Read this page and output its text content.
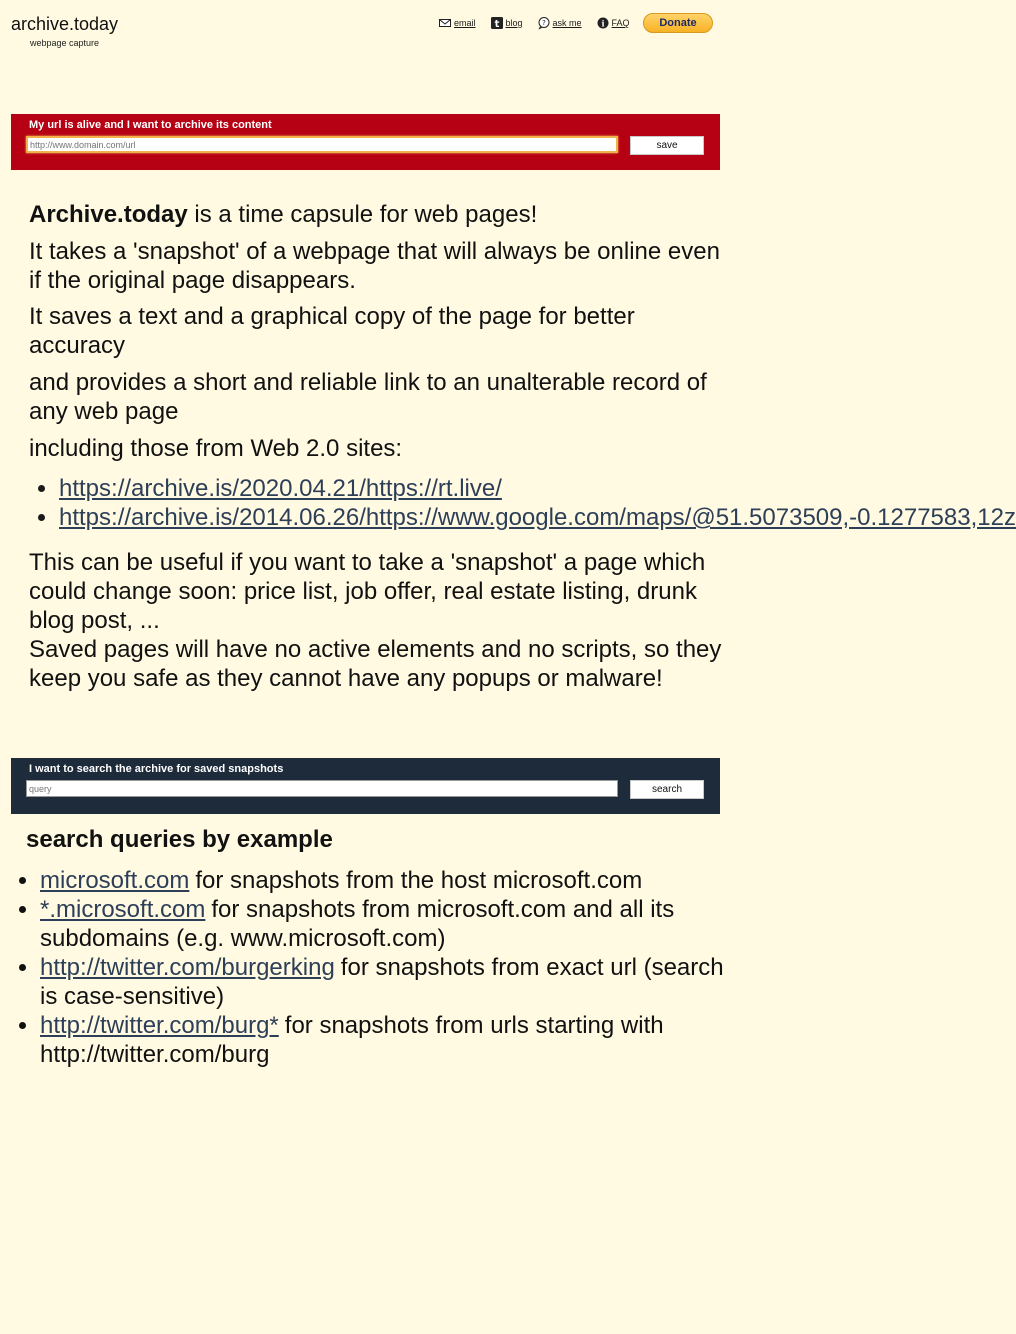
archive.today
webpage capture
email t blog	? ask me i FAQ	Donate
My url is alive and I want to archive its content
http://www.domain.com/url
save

Archive.today is a time capsule for web pages!

It takes a 'snapshot' of a webpage that will always be online even if the original page disappears.

It saves a text and a graphical copy of the page for better accuracy

and provides a short and reliable link to an unalterable record of any web page

including those from Web 2.0 sites:

• https://archive.is/2020.04.21/https://rt.live/
• https://archive.is/2014.06.26/https://www.google.com/maps/@51.5073509,-0.1277583,12z

This can be useful if you want to take a 'snapshot' a page which could change soon: price list, job offer, real estate listing, drunk blog post, ...

Saved pages will have no active elements and no scripts, so they keep you safe as they cannot have any popups or malware!

I want to search the archive for saved snapshots
query
search
search queries by example
• microsoft.com for snapshots from the host microsoft.com
• *.microsoft.com for snapshots from microsoft.com and all its subdomains (e.g. www.microsoft.com)
• http://twitter.com/burgerking for snapshots from exact url (search is case-sensitive)
• http://twitter.com/burg* for snapshots from urls starting with http://twitter.com/burg
